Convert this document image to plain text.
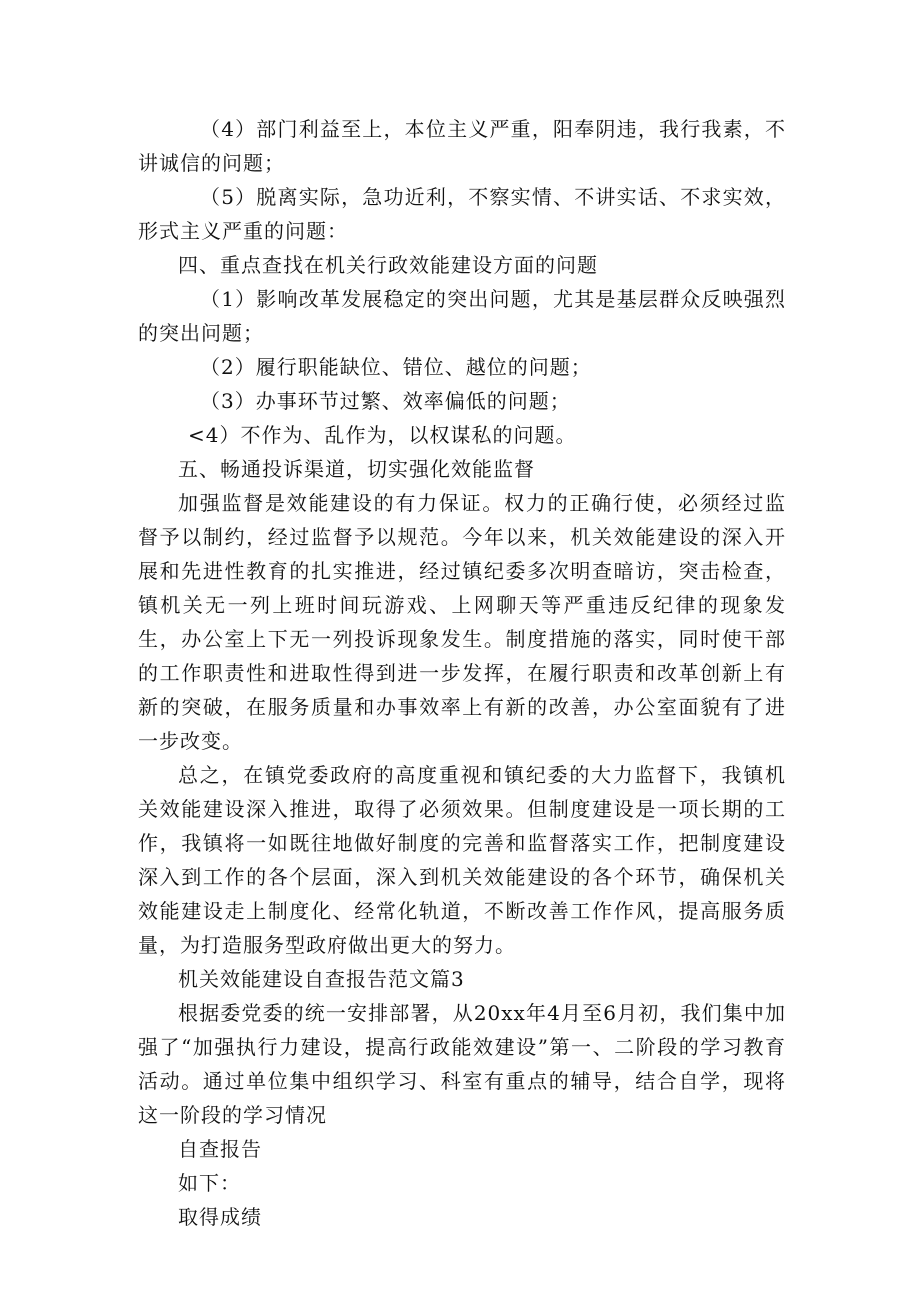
（4）部门利益至上，本位主义严重，阳奉阴违，我行我素，不讲诚信的问题；

（5）脱离实际，急功近利，不察实情、不讲实话、不求实效，形式主义严重的问题：

四、重点查找在机关行政效能建设方面的问题

（1）影响改革发展稳定的突出问题，尤其是基层群众反映强烈的突出问题；

（2）履行职能缺位、错位、越位的问题；

（3）办事环节过繁、效率偏低的问题；

<4）不作为、乱作为，以权谋私的问题。

五、畅通投诉渠道，切实强化效能监督

加强监督是效能建设的有力保证。权力的正确行使，必须经过监督予以制约，经过监督予以规范。今年以来，机关效能建设的深入开展和先进性教育的扎实推进，经过镇纪委多次明查暗访，突击检查，镇机关无一列上班时间玩游戏、上网聊天等严重违反纪律的现象发生，办公室上下无一列投诉现象发生。制度措施的落实，同时使干部的工作职责性和进取性得到进一步发挥，在履行职责和改革创新上有新的突破，在服务质量和办事效率上有新的改善，办公室面貌有了进一步改变。

总之，在镇党委政府的高度重视和镇纪委的大力监督下，我镇机关效能建设深入推进，取得了必须效果。但制度建设是一项长期的工作，我镇将一如既往地做好制度的完善和监督落实工作，把制度建设深入到工作的各个层面，深入到机关效能建设的各个环节，确保机关效能建设走上制度化、经常化轨道，不断改善工作作风，提高服务质量，为打造服务型政府做出更大的努力。

机关效能建设自查报告范文篇3

根据委党委的统一安排部署，从20xx年4月至6月初，我们集中加强了“加强执行力建设，提高行政能效建设”第一、二阶段的学习教育活动。通过单位集中组织学习、科室有重点的辅导，结合自学，现将这一阶段的学习情况

自查报告

如下：

取得成绩
